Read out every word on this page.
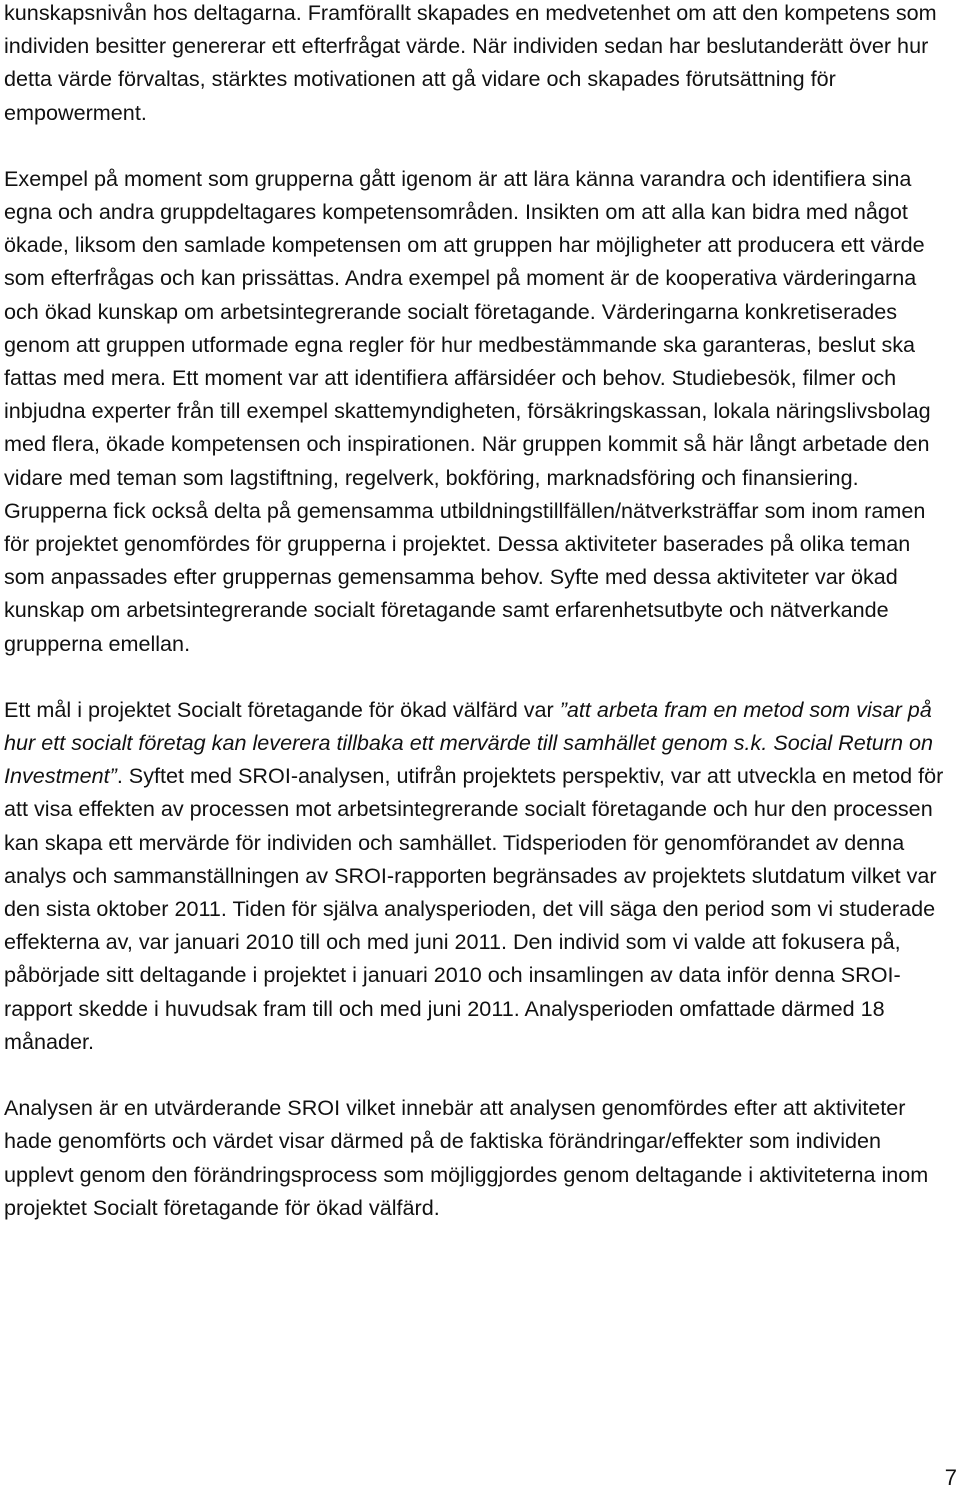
kunskapsnivån hos deltagarna. Framförallt skapades en medvetenhet om att den kompetens som individen besitter genererar ett efterfrågat värde. När individen sedan har beslutanderätt över hur detta värde förvaltas, stärktes motivationen att gå vidare och skapades förutsättning för empowerment.

Exempel på moment som grupperna gått igenom är att lära känna varandra och identifiera sina egna och andra gruppdeltagares kompetensområden. Insikten om att alla kan bidra med något ökade, liksom den samlade kompetensen om att gruppen har möjligheter att producera ett värde som efterfrågas och kan prissättas. Andra exempel på moment är de kooperativa värderingarna och ökad kunskap om arbetsintegrerande socialt företagande. Värderingarna konkretiserades genom att gruppen utformade egna regler för hur medbestämmande ska garanteras, beslut ska fattas med mera. Ett moment var att identifiera affärsidéer och behov. Studiebesök, filmer och inbjudna experter från till exempel skattemyndigheten, försäkringskassan, lokala näringslivsbolag med flera, ökade kompetensen och inspirationen. När gruppen kommit så här långt arbetade den vidare med teman som lagstiftning, regelverk, bokföring, marknadsföring och finansiering. Grupperna fick också delta på gemensamma utbildningstillfällen/nätverksträffar som inom ramen för projektet genomfördes för grupperna i projektet. Dessa aktiviteter baserades på olika teman som anpassades efter gruppernas gemensamma behov. Syfte med dessa aktiviteter var ökad kunskap om arbetsintegrerande socialt företagande samt erfarenhetsutbyte och nätverkande grupperna emellan.

Ett mål i projektet Socialt företagande för ökad välfärd var ”att arbeta fram en metod som visar på hur ett socialt företag kan leverera tillbaka ett mervärde till samhället genom s.k. Social Return on Investment”. Syftet med SROI-analysen, utifrån projektets perspektiv, var att utveckla en metod för att visa effekten av processen mot arbetsintegrerande socialt företagande och hur den processen kan skapa ett mervärde för individen och samhället. Tidsperioden för genomförandet av denna analys och sammanställningen av SROI-rapporten begränsades av projektets slutdatum vilket var den sista oktober 2011. Tiden för själva analysperioden, det vill säga den period som vi studerade effekterna av, var januari 2010 till och med juni 2011. Den individ som vi valde att fokusera på, påbörjade sitt deltagande i projektet i januari 2010 och insamlingen av data inför denna SROI-rapport skedde i huvudsak fram till och med juni 2011. Analysperioden omfattade därmed 18 månader.

Analysen är en utvärderande SROI vilket innebär att analysen genomfördes efter att aktiviteter hade genomförts och värdet visar därmed på de faktiska förändringar/effekter som individen upplevt genom den förändringsprocess som möjliggjordes genom deltagande i aktiviteterna inom projektet Socialt företagande för ökad välfärd.

7
